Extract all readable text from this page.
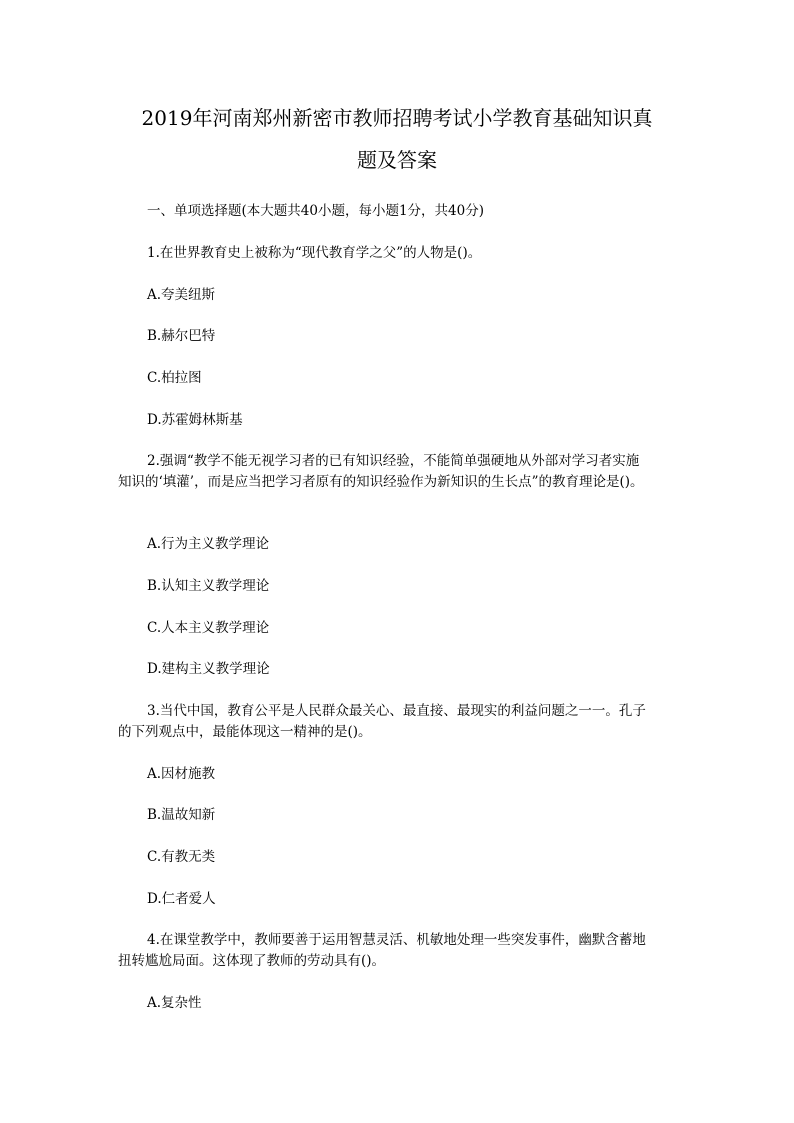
2019年河南郑州新密市教师招聘考试小学教育基础知识真
题及答案
一、单项选择题(本大题共40小题，每小题1分，共40分)
1.在世界教育史上被称为“现代教育学之父”的人物是()。
A.夸美纽斯
B.赫尔巴特
C.柏拉图
D.苏霍姆林斯基
2.强调“教学不能无视学习者的已有知识经验，不能简单强硬地从外部对学习者实施
知识的‘填灌’，而是应当把学习者原有的知识经验作为新知识的生长点”的教育理论是()。
A.行为主义教学理论
B.认知主义教学理论
C.人本主义教学理论
D.建构主义教学理论
3.当代中国，教育公平是人民群众最关心、最直接、最现实的利益问题之一一。孔子
的下列观点中，最能体现这一精神的是()。
A.因材施教
B.温故知新
C.有教无类
D.仁者爱人
4.在课堂教学中，教师要善于运用智慧灵活、机敏地处理一些突发事件，幽默含蓄地
扭转尴尬局面。这体现了教师的劳动具有()。
A.复杂性
